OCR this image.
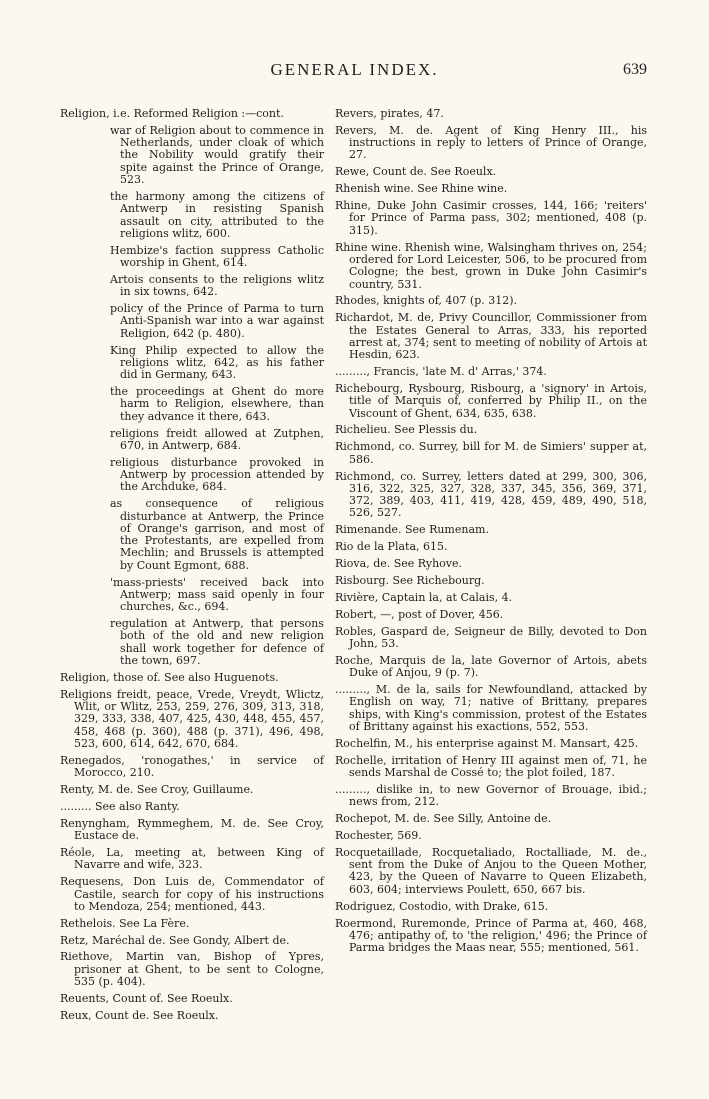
GENERAL INDEX.	639
Religion, i.e. Reformed Religion :—cont.
war of Religion about to commence in Netherlands, under cloak of which the Nobility would gratify their spite against the Prince of Orange, 523.
the harmony among the citizens of Antwerp in resisting Spanish assault on city, attributed to the religions wlitz, 600.
Hembize's faction suppress Catholic worship in Ghent, 614.
Artois consents to the religions wlitz in six towns, 642.
policy of the Prince of Parma to turn Anti-Spanish war into a war against Religion, 642 (p. 480).
King Philip expected to allow the religions wlitz, 642, as his father did in Germany, 643.
the proceedings at Ghent do more harm to Religion, elsewhere, than they advance it there, 643.
religions freidt allowed at Zutphen, 670, in Antwerp, 684.
religious disturbance provoked in Antwerp by procession attended by the Archduke, 684.
as consequence of religious disturbance at Antwerp, the Prince of Orange's garrison, and most of the Protestants, are expelled from Mechlin; and Brussels is attempted by Count Egmont, 688.
'mass-priests' received back into Antwerp; mass said openly in four churches, &c., 694.
regulation at Antwerp, that persons both of the old and new religion shall work together for defence of the town, 697.
Religion, those of. See also Huguenots.
Religions freidt, peace, Vrede, Vreydt, Wlictz, Wlit, or Wlitz, 253, 259, 276, 309, 313, 318, 329, 333, 338, 407, 425, 430, 448, 455, 457, 458, 468 (p. 360), 488 (p. 371), 496, 498, 523, 600, 614, 642, 670, 684.
Renegados, 'ronogathes,' in service of Morocco, 210.
Renty, M. de. See Croy, Guillaume.
......... See also Ranty.
Renyngham, Rymmeghem, M. de. See Croy, Eustace de.
Réole, La, meeting at, between King of Navarre and wife, 323.
Requesens, Don Luis de, Commendator of Castile, search for copy of his instructions to Mendoza, 254; mentioned, 443.
Rethelois. See La Fère.
Retz, Maréchal de. See Gondy, Albert de.
Riethove, Martin van, Bishop of Ypres, prisoner at Ghent, to be sent to Cologne, 535 (p. 404).
Reuents, Count of. See Roeulx.
Reux, Count de. See Roeulx.
Revers, pirates, 47.
Revers, M. de. Agent of King Henry III., his instructions in reply to letters of Prince of Orange, 27.
Rewe, Count de. See Roeulx.
Rhenish wine. See Rhine wine.
Rhine, Duke John Casimir crosses, 144, 166; 'reiters' for Prince of Parma pass, 302; mentioned, 408 (p. 315).
Rhine wine. Rhenish wine, Walsingham thrives on, 254; ordered for Lord Leicester, 506, to be procured from Cologne; the best, grown in Duke John Casimir's country, 531.
Rhodes, knights of, 407 (p. 312).
Richardot, M. de, Privy Councillor, Commissioner from the Estates General to Arras, 333, his reported arrest at, 374; sent to meeting of nobility of Artois at Hesdin, 623.
........., Francis, 'late M. d' Arras,' 374.
Richebourg, Rysbourg, Risbourg, a 'signory' in Artois, title of Marquis of, conferred by Philip II., on the Viscount of Ghent, 634, 635, 638.
Richelieu. See Plessis du.
Richmond, co. Surrey, bill for M. de Simiers' supper at, 586.
Richmond, co. Surrey, letters dated at 299, 300, 306, 316, 322, 325, 327, 328, 337, 345, 356, 369, 371, 372, 389, 403, 411, 419, 428, 459, 489, 490, 518, 526, 527.
Rimenande. See Rumenam.
Rio de la Plata, 615.
Riova, de. See Ryhove.
Risbourg. See Richebourg.
Rivière, Captain la, at Calais, 4.
Robert, —, post of Dover, 456.
Robles, Gaspard de, Seigneur de Billy, devoted to Don John, 53.
Roche, Marquis de la, late Governor of Artois, abets Duke of Anjou, 9 (p. 7).
........., M. de la, sails for Newfoundland, attacked by English on way, 71; native of Brittany, prepares ships, with King's commission, protest of the Estates of Brittany against his exactions, 552, 553.
Rochelfin, M., his enterprise against M. Mansart, 425.
Rochelle, irritation of Henry III against men of, 71, he sends Marshal de Cossé to; the plot foiled, 187.
........., dislike in, to new Governor of Brouage, ibid.; news from, 212.
Rochepot, M. de. See Silly, Antoine de.
Rochester, 569.
Rocquetaillade, Rocquetaliado, Roctalliade, M. de., sent from the Duke of Anjou to the Queen Mother, 423, by the Queen of Navarre to Queen Elizabeth, 603, 604; interviews Poulett, 650, 667 bis.
Rodriguez, Costodio, with Drake, 615.
Roermond, Ruremonde, Prince of Parma at, 460, 468, 476; antipathy of, to 'the religion,' 496; the Prince of Parma bridges the Maas near, 555; mentioned, 561.
